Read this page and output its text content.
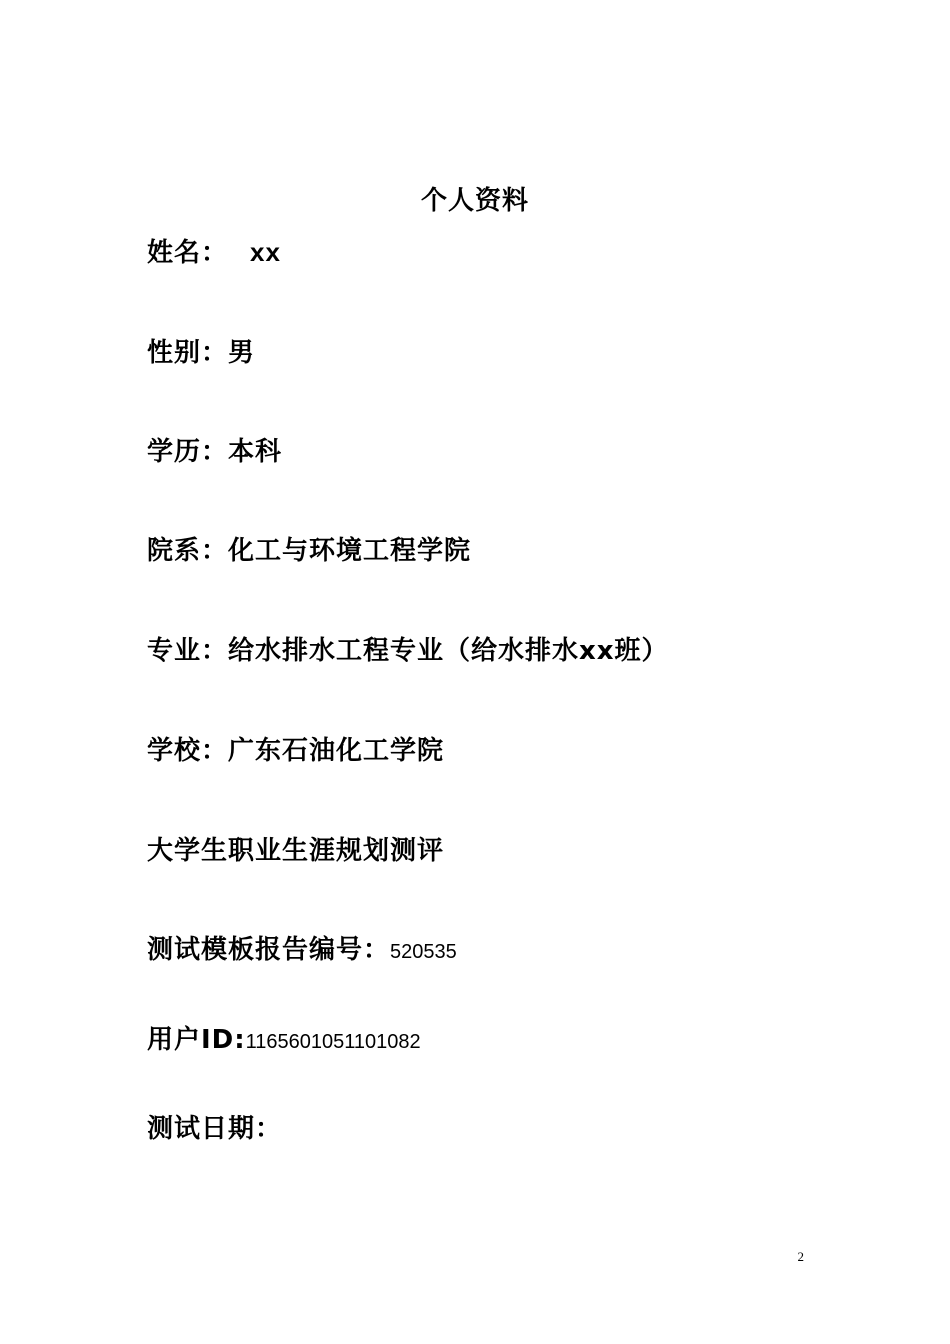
个人资料
姓名： xx
性别：男
学历：本科
院系：化工与环境工程学院
专业：给水排水工程专业（给水排水xx班）
学校：广东石油化工学院
大学生职业生涯规划测评
测试模板报告编号：520535
用户ID:1165601051101082
测试日期：
2
